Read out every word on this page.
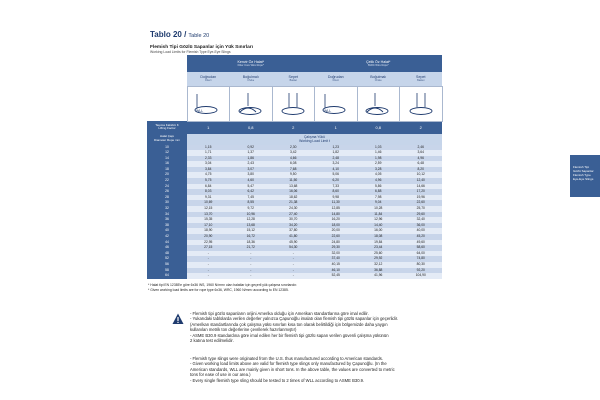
Tablo 20 / Table 20
Flemish Tipi Gözlü Sapanlar için Yük Sınırları
Working Load Limits for Flemish Type Eye-Eye Slings
	Kenvir Öz Halat*
Fiber Core Wire Rope*			Çelik Öz Halat*
IWRC Wire Rope*		

	Doğrudan
Direct	Boğulmalı
Choke	Sepet
Basket	Doğrudan
Direct	Boğulmalı
Choke	Sepet
Basket

WLL			WLL

Taşıma Faktörü K
Lifting Factor	1	0,8	2	1	0,8	2
Halat Çapı
Diameter Rope mm	Çalışma Yükü
Working Load Limit t					
10	1,15	0,92	2,30	1,23	1,03	2,46
12	1,71	1,37	3,42	1,82	1,46	3,64
14	2,33	1,86	4,66	2,48	1,98	4,96
16	3,04	2,43	6,08	3,24	2,59	6,48
18	3,84	3,07	7,68	4,10	3,28	8,20
20	4,75	3,80	9,50	5,06	4,05	10,12
22	5,75	4,60	11,50	6,20	4,96	12,40
24	6,84	5,47	13,68	7,33	5,86	14,66
26	8,03	6,42	16,06	8,60	6,88	17,20
28	9,31	7,45	18,62	9,98	7,98	19,96
30	10,69	8,55	21,38	11,30	9,04	22,60
32	12,15	9,72	24,30	12,85	10,28	25,70
34	13,70	10,96	27,40	14,80	11,84	29,60
36	15,35	12,28	30,70	16,20	12,96	32,40
38	17,10	13,68	34,20	18,00	14,40	36,00
40	18,90	15,12	37,80	20,00	16,00	40,00
42	20,90	16,72	41,80	22,60	18,08	45,20
44	22,95	18,36	45,90	24,80	19,84	49,60
46	27,15	21,72	54,30	29,30	23,44	58,60
48	-	-	-	32,00	25,60	64,00
52	-	-	-	37,40	29,92	74,80
56	-	-	-	40,15	32,12	80,30
58	-	-	-	46,10	36,88	92,20
64	-	-	-	52,45	41,96	104,90
Flemish Tipi Gözlü Sapanlar Flemish Type Eye-Eye Slings
* Halat tipi EN 12385'e göre 6x36 WS, 1960 N/mm² olan halatlar için geçerli yük çalışma sınırlarıdır.
* Given working load limits are for rope type 6x36, WRC, 1960 N/mm² according to EN 12385.
- Flemish tipi gözlü sapanların orijini Amerika olduğu için Amerikan standartlarına göre imal edilir.
- Yukarıdaki tablolarda verilen değerler yalnızca Çapunoğlu imalatı olan flemish tipi gözlü sapanlar için geçerlidir.
(Amerikan standartlarında çok çalışma yükü sınırları kısa ton olarak belirtildiği için bölgemizde daha yaygın
kullanılan metrik ton değerlerine çevrilerek hazırlanmıştır)
- ASME B30.9 standardına göre imal edilen her bir flemish tipi gözlü sapan verilen güvenli çalışma yükünün
2 katına test edilmelidir.
- Flemish type slings were originated from the U.S. thus manufactured according to American standards.
- Given working load limits above are valid for flemish type slings only manufactured by Çapunoğlu. (In the
American standards, WLL are mainly given in short tons. In the above table, the values are converted to metric
tons for ease of use in our area.)
- Every single flemish type sling should be tested to 2 times of WLL according to ASME B30.9.
